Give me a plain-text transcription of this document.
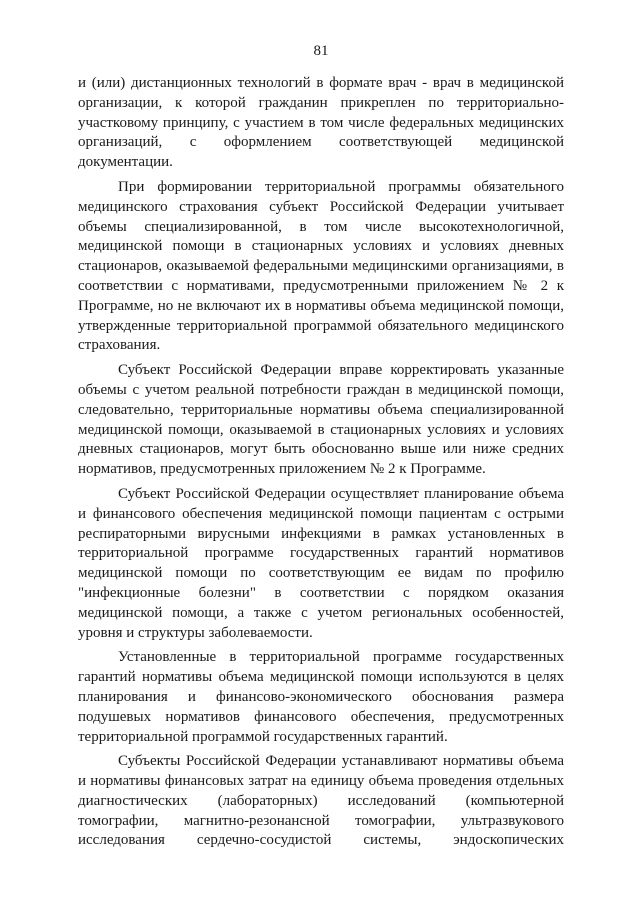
81

и (или) дистанционных технологий в формате врач - врач в медицинской организации, к которой гражданин прикреплен по территориально-участковому принципу, с участием в том числе федеральных медицинских организаций, с оформлением соответствующей медицинской документации.

При формировании территориальной программы обязательного медицинского страхования субъект Российской Федерации учитывает объемы специализированной, в том числе высокотехнологичной, медицинской помощи в стационарных условиях и условиях дневных стационаров, оказываемой федеральными медицинскими организациями, в соответствии с нормативами, предусмотренными приложением № 2 к Программе, но не включают их в нормативы объема медицинской помощи, утвержденные территориальной программой обязательного медицинского страхования.

Субъект Российской Федерации вправе корректировать указанные объемы с учетом реальной потребности граждан в медицинской помощи, следовательно, территориальные нормативы объема специализированной медицинской помощи, оказываемой в стационарных условиях и условиях дневных стационаров, могут быть обоснованно выше или ниже средних нормативов, предусмотренных приложением № 2 к Программе.

Субъект Российской Федерации осуществляет планирование объема и финансового обеспечения медицинской помощи пациентам с острыми респираторными вирусными инфекциями в рамках установленных в территориальной программе государственных гарантий нормативов медицинской помощи по соответствующим ее видам по профилю "инфекционные болезни" в соответствии с порядком оказания медицинской помощи, а также с учетом региональных особенностей, уровня и структуры заболеваемости.

Установленные в территориальной программе государственных гарантий нормативы объема медицинской помощи используются в целях планирования и финансово-экономического обоснования размера подушевых нормативов финансового обеспечения, предусмотренных территориальной программой государственных гарантий.

Субъекты Российской Федерации устанавливают нормативы объема и нормативы финансовых затрат на единицу объема проведения отдельных диагностических (лабораторных) исследований (компьютерной томографии, магнитно-резонансной томографии, ультразвукового исследования сердечно-сосудистой системы, эндоскопических
